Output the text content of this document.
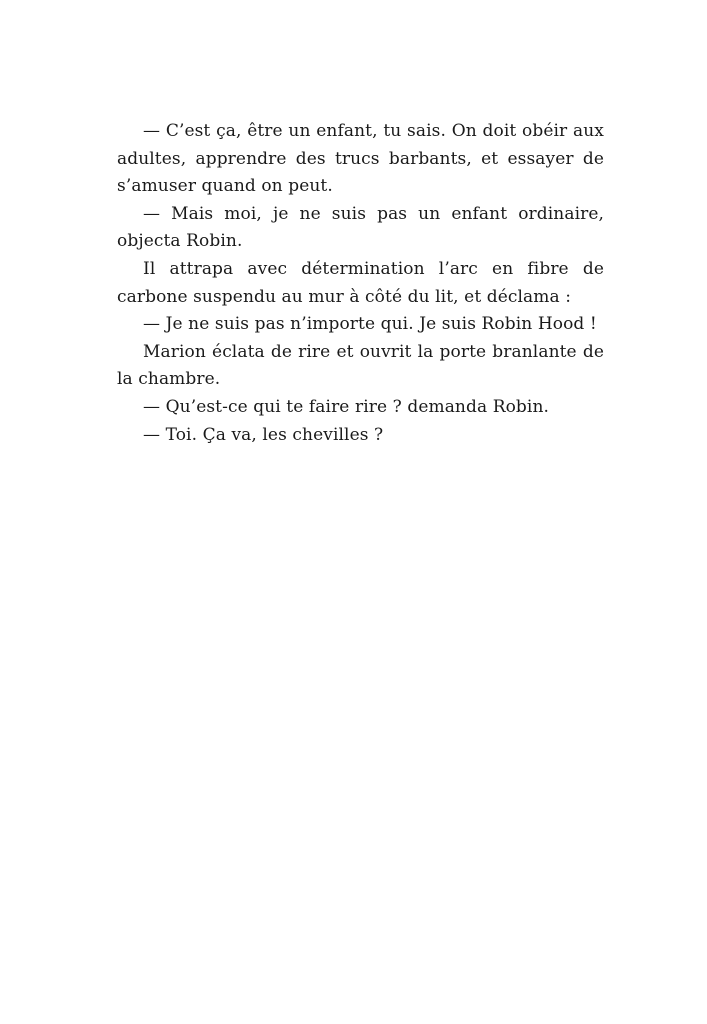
— C’est ça, être un enfant, tu sais. On doit obéir aux adultes, apprendre des trucs barbants, et essayer de s’amuser quand on peut.

— Mais moi, je ne suis pas un enfant ordinaire, objecta Robin.

Il attrapa avec détermination l’arc en fibre de carbone suspendu au mur à côté du lit, et déclama :

— Je ne suis pas n’importe qui. Je suis Robin Hood !

Marion éclata de rire et ouvrit la porte branlante de la chambre.

— Qu’est-ce qui te faire rire ? demanda Robin.

— Toi. Ça va, les chevilles ?
